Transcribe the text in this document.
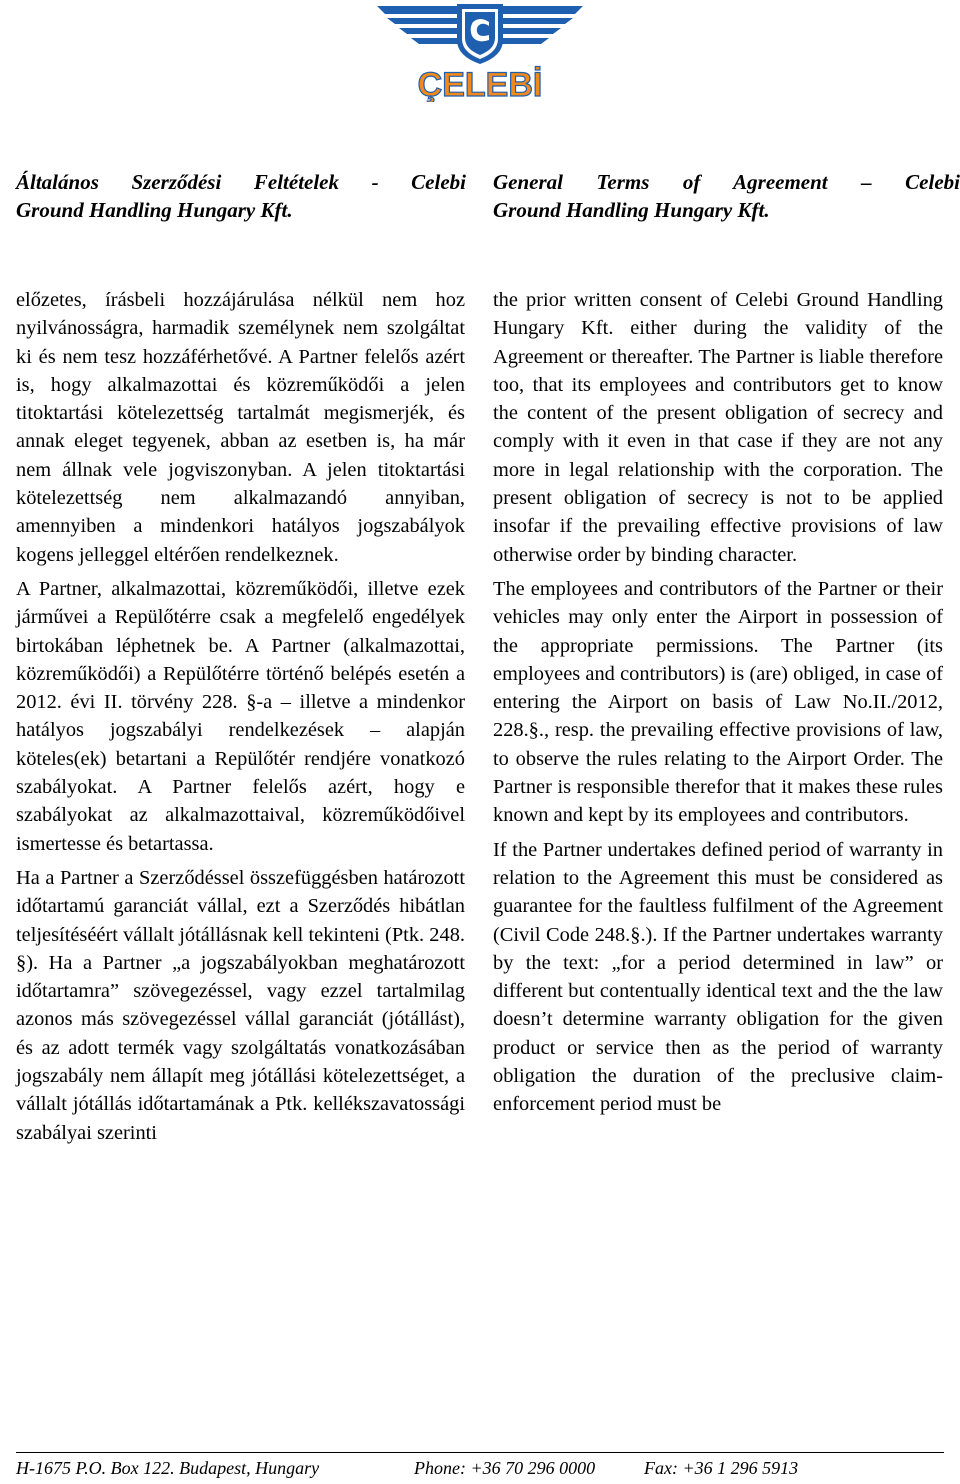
ÇELEBİ
Általános Szerződési Feltételek - Celebi
Ground Handling Hungary Kft.
General Terms of Agreement – Celebi
Ground Handling Hungary Kft.

előzetes, írásbeli hozzájárulása nélkül nem hoz nyilvánosságra, harmadik személynek nem szolgáltat ki és nem tesz hozzáférhetővé. A Partner felelős azért is, hogy alkalmazottai és közreműködői a jelen titoktartási kötelezettség tartalmát megismerjék, és annak eleget tegyenek, abban az esetben is, ha már nem állnak vele jogviszonyban. A jelen titoktartási kötelezettség nem alkalmazandó annyiban, amennyiben a mindenkori hatályos jogszabályok kogens jelleggel eltérően rendelkeznek.

A Partner, alkalmazottai, közreműködői, illetve ezek járművei a Repülőtérre csak a megfelelő engedélyek birtokában léphetnek be. A Partner (alkalmazottai, közreműködői) a Repülőtérre történő belépés esetén a 2012. évi II. törvény 228. §-a – illetve a mindenkor hatályos jogszabályi rendelkezések – alapján köteles(ek) betartani a Repülőtér rendjére vonatkozó szabályokat. A Partner felelős azért, hogy e szabályokat az alkalmazottaival, közreműködőivel ismertesse és betartassa.

Ha a Partner a Szerződéssel összefüggésben határozott időtartamú garanciát vállal, ezt a Szerződés hibátlan teljesítéséért vállalt jótállásnak kell tekinteni (Ptk. 248. §). Ha a Partner „a jogszabályokban meghatározott időtartamra” szövegezéssel, vagy ezzel tartalmilag azonos más szövegezéssel vállal garanciát (jótállást), és az adott termék vagy szolgáltatás vonatkozásában jogszabály nem állapít meg jótállási kötelezettséget, a vállalt jótállás időtartamának a Ptk. kellékszavatossági szabályai szerinti

the prior written consent of Celebi Ground Handling Hungary Kft. either during the validity of the Agreement or thereafter. The Partner is liable therefore too, that its employees and contributors get to know the content of the present obligation of secrecy and comply with it even in that case if they are not any more in legal relationship with the corporation. The present obligation of secrecy is not to be applied insofar if the prevailing effective provisions of law otherwise order by binding character.

The employees and contributors of the Partner or their vehicles may only enter the Airport in possession of the appropriate permissions. The Partner (its employees and contributors) is (are) obliged, in case of entering the Airport on basis of Law No.II./2012, 228.§., resp. the prevailing effective provisions of law, to observe the rules relating to the Airport Order. The Partner is responsible therefor that it makes these rules known and kept by its employees and contributors.

If the Partner undertakes defined period of warranty in relation to the Agreement this must be considered as guarantee for the faultless fulfilment of the Agreement (Civil Code 248.§.). If the Partner undertakes warranty by the text: „for a period determined in law” or different but contentually identical text and the the law doesn’t determine warranty obligation for the given product or service then as the period of warranty obligation the duration of the preclusive claim-enforcement period must be

H-1675 P.O. Box 122. Budapest, Hungary	Phone: +36 70 296 0000	Fax: +36 1 296 5913
